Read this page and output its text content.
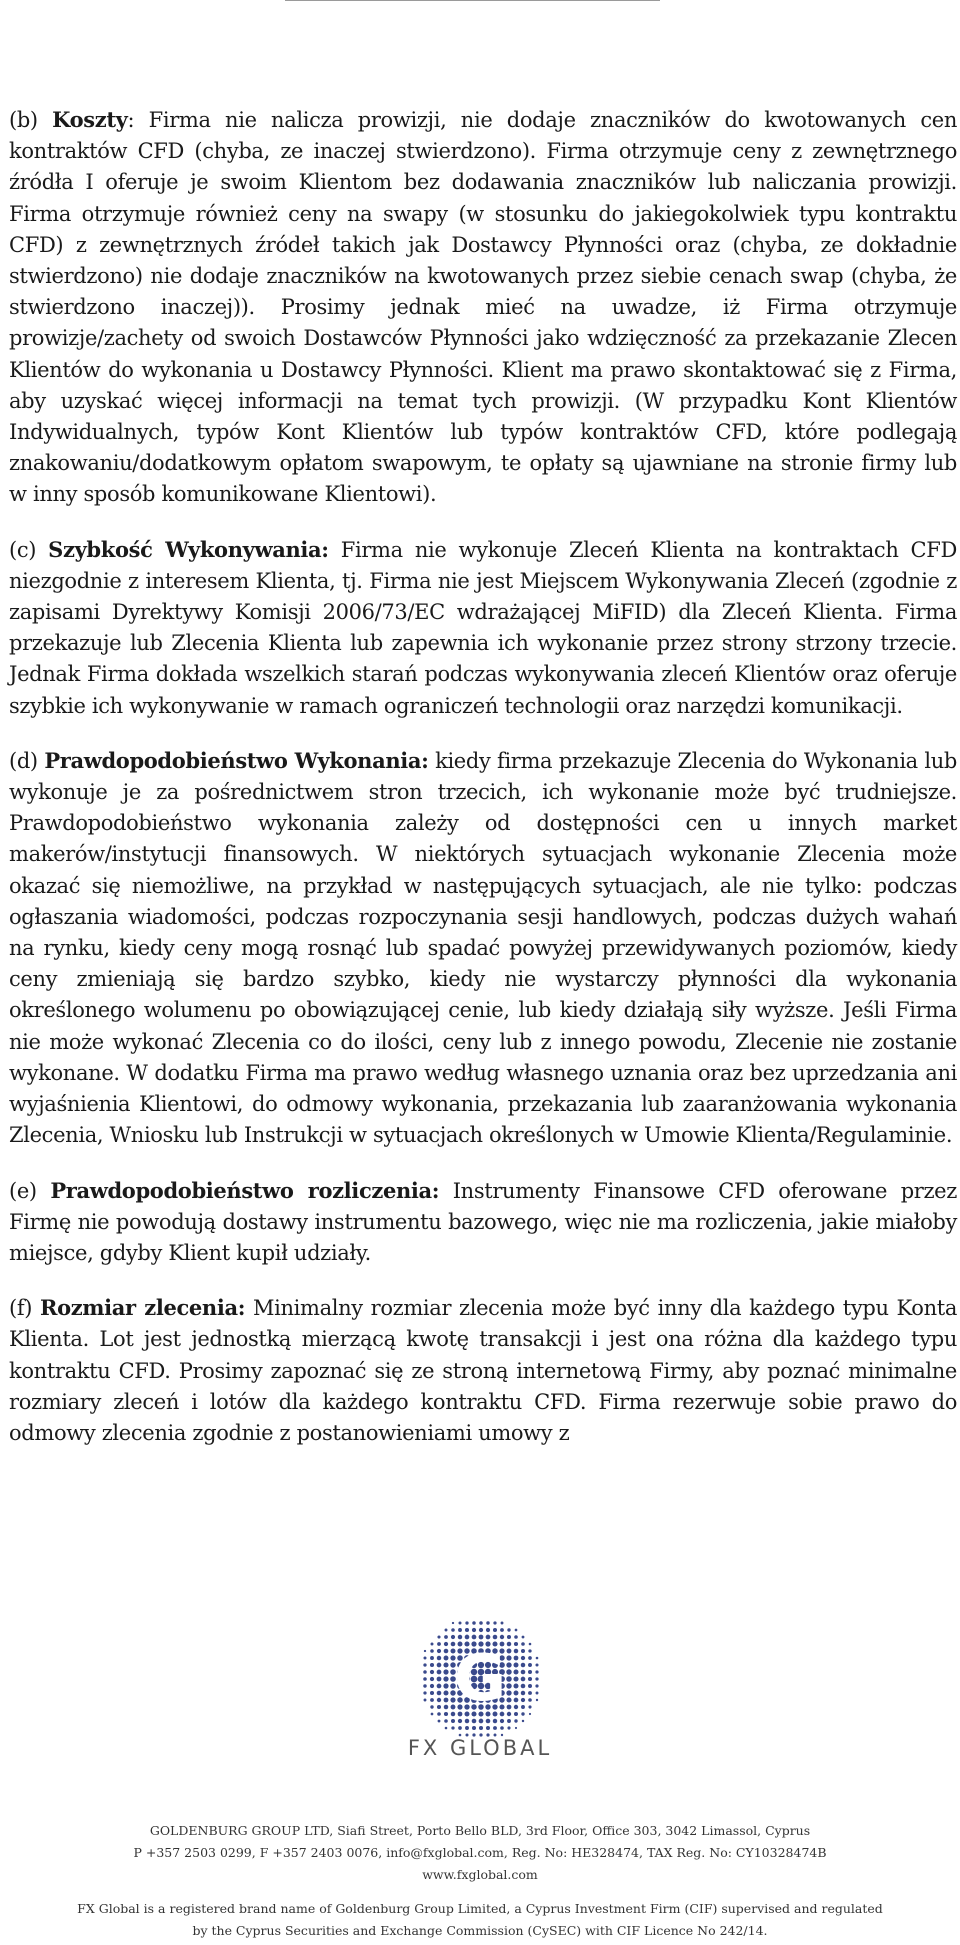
(b) Koszty: Firma nie nalicza prowizji, nie dodaje znaczników do kwotowanych cen kontraktów CFD (chyba, ze inaczej stwierdzono). Firma otrzymuje ceny z zewnętrznego źródła I oferuje je swoim Klientom bez dodawania znaczników lub naliczania prowizji. Firma otrzymuje również ceny na swapy (w stosunku do jakiegokolwiek typu kontraktu CFD) z zewnętrznych źródeł takich jak Dostawcy Płynności oraz (chyba, ze dokładnie stwierdzono) nie dodaje znaczników na kwotowanych przez siebie cenach swap (chyba, że stwierdzono inaczej)). Prosimy jednak mieć na uwadze, iż Firma otrzymuje prowizje/zachety od swoich Dostawców Płynności jako wdzięczność za przekazanie Zlecen Klientów do wykonania u Dostawcy Płynności. Klient ma prawo skontaktować się z Firma, aby uzyskać więcej informacji na temat tych prowizji. (W przypadku Kont Klientów Indywidualnych, typów Kont Klientów lub typów kontraktów CFD, które podlegają znakowaniu/dodatkowym opłatom swapowym, te opłaty są ujawniane na stronie firmy lub w inny sposób komunikowane Klientowi).

(c) Szybkość Wykonywania: Firma nie wykonuje Zleceń Klienta na kontraktach CFD niezgodnie z interesem Klienta, tj. Firma nie jest Miejscem Wykonywania Zleceń (zgodnie z zapisami Dyrektywy Komisji 2006/73/EC wdrażającej MiFID) dla Zleceń Klienta. Firma przekazuje lub Zlecenia Klienta lub zapewnia ich wykonanie przez strony strzony trzecie. Jednak Firma dokłada wszelkich starań podczas wykonywania zleceń Klientów oraz oferuje szybkie ich wykonywanie w ramach ograniczeń technologii oraz narzędzi komunikacji.

(d) Prawdopodobieństwo Wykonania: kiedy firma przekazuje Zlecenia do Wykonania lub wykonuje je za pośrednictwem stron trzecich, ich wykonanie może być trudniejsze. Prawdopodobieństwo wykonania zależy od dostępności cen u innych market makerów/instytucji finansowych. W niektórych sytuacjach wykonanie Zlecenia może okazać się niemożliwe, na przykład w następujących sytuacjach, ale nie tylko: podczas ogłaszania wiadomości, podczas rozpoczynania sesji handlowych, podczas dużych wahań na rynku, kiedy ceny mogą rosnąć lub spadać powyżej przewidywanych poziomów, kiedy ceny zmieniają się bardzo szybko, kiedy nie wystarczy płynności dla wykonania określonego wolumenu po obowiązującej cenie, lub kiedy działają siły wyższe. Jeśli Firma nie może wykonać Zlecenia co do ilości, ceny lub z innego powodu, Zlecenie nie zostanie wykonane. W dodatku Firma ma prawo według własnego uznania oraz bez uprzedzania ani wyjaśnienia Klientowi, do odmowy wykonania, przekazania lub zaaranżowania wykonania Zlecenia, Wniosku lub Instrukcji w sytuacjach określonych w Umowie Klienta/Regulaminie.

(e) Prawdopodobieństwo rozliczenia: Instrumenty Finansowe CFD oferowane przez Firmę nie powodują dostawy instrumentu bazowego, więc nie ma rozliczenia, jakie miałoby miejsce, gdyby Klient kupił udziały.

(f) Rozmiar zlecenia: Minimalny rozmiar zlecenia może być inny dla każdego typu Konta Klienta. Lot jest jednostką mierzącą kwotę transakcji i jest ona różna dla każdego typu kontraktu CFD. Prosimy zapoznać się ze stroną internetową Firmy, aby poznać minimalne rozmiary zleceń i lotów dla każdego kontraktu CFD. Firma rezerwuje sobie prawo do odmowy zlecenia zgodnie z postanowieniami umowy z

G
FX GLOBAL
GOLDENBURG GROUP LTD, Siafi Street, Porto Bello BLD, 3rd Floor, Office 303, 3042 Limassol, Cyprus
P +357 2503 0299, F +357 2403 0076, info@fxglobal.com, Reg. No: HE328474, TAX Reg. No: CY10328474B
www.fxglobal.com
FX Global is a registered brand name of Goldenburg Group Limited, a Cyprus Investment Firm (CIF) supervised and regulated
by the Cyprus Securities and Exchange Commission (CySEC) with CIF Licence No 242/14.
